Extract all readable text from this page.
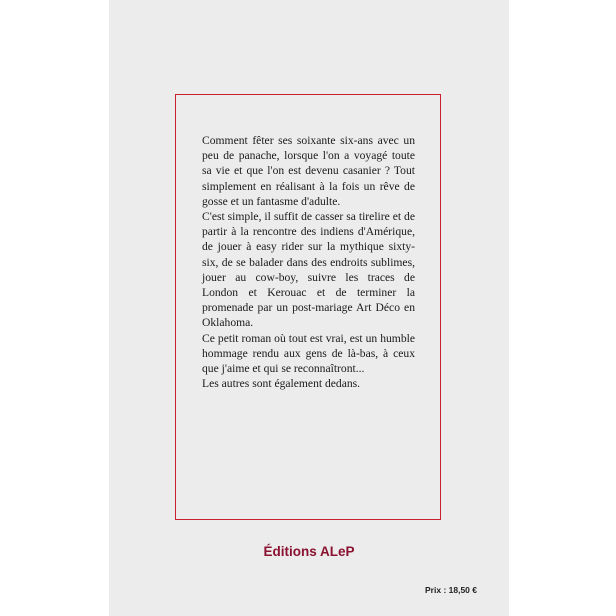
Comment fêter ses soixante six-ans avec un peu de panache, lorsque l'on a voyagé toute sa vie et que l'on est devenu casanier ? Tout simplement en réalisant à la fois un rêve de gosse et un fantasme d'adulte.

C'est simple, il suffit de casser sa tirelire et de partir à la rencontre des indiens d'Amérique, de jouer à easy rider sur la mythique sixty-six, de se balader dans des endroits sublimes, jouer au cow-boy, suivre les traces de London et Kerouac et de terminer la promenade par un post-mariage Art Déco en Oklahoma.

Ce petit roman où tout est vrai, est un humble hommage rendu aux gens de là-bas, à ceux que j'aime et qui se reconnaîtront...

Les autres sont également dedans.

Éditions ALeP

Prix : 18,50 €
